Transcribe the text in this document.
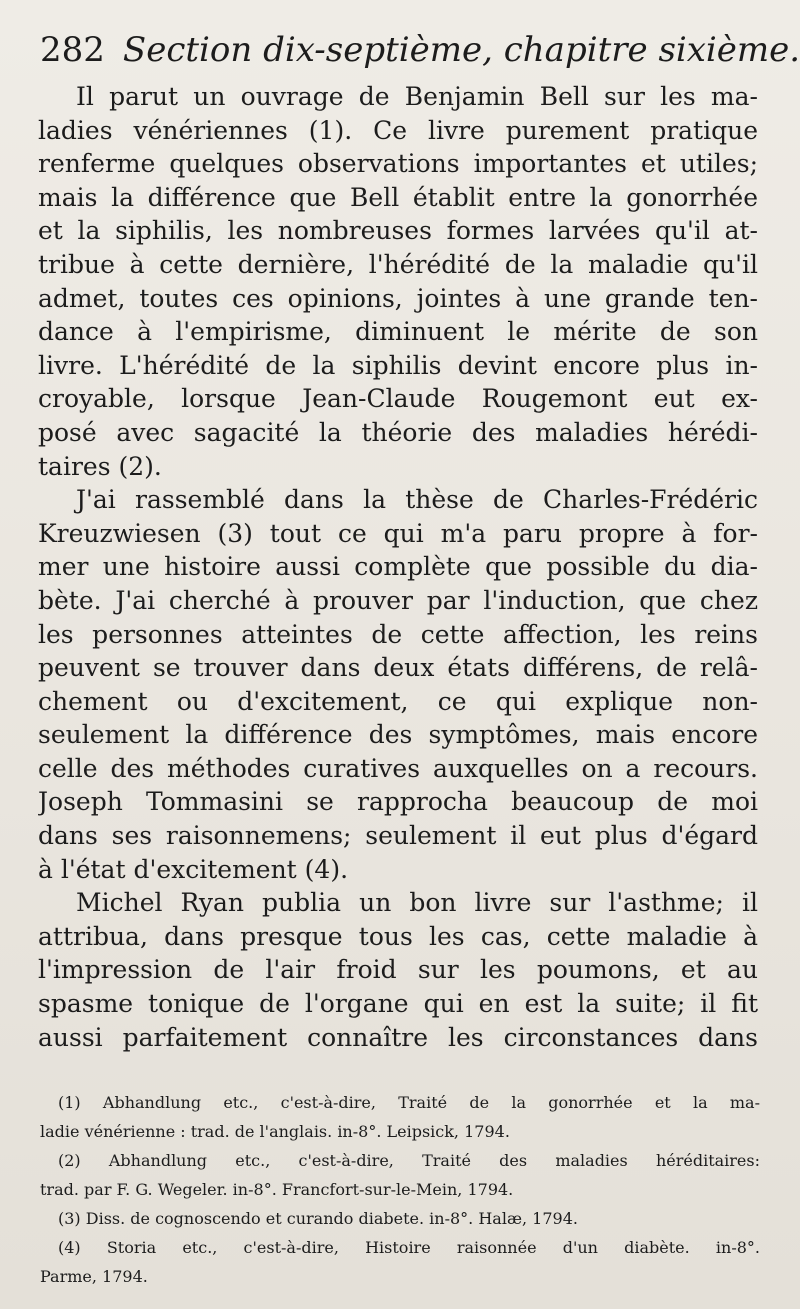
282 Section dix-septième, chapitre sixième.
Il parut un ouvrage de Benjamin Bell sur les ma-
ladies vénériennes (1). Ce livre purement pratique
renferme quelques observations importantes et utiles;
mais la différence que Bell établit entre la gonorrhée
et la siphilis, les nombreuses formes larvées qu'il at-
tribue à cette dernière, l'hérédité de la maladie qu'il
admet, toutes ces opinions, jointes à une grande ten-
dance à l'empirisme, diminuent le mérite de son
livre. L'hérédité de la siphilis devint encore plus in-
croyable, lorsque Jean-Claude Rougemont eut ex-
posé avec sagacité la théorie des maladies hérédi-
taires (2).
J'ai rassemblé dans la thèse de Charles-Frédéric
Kreuzwiesen (3) tout ce qui m'a paru propre à for-
mer une histoire aussi complète que possible du dia-
bète. J'ai cherché à prouver par l'induction, que chez
les personnes atteintes de cette affection, les reins
peuvent se trouver dans deux états différens, de relâ-
chement ou d'excitement, ce qui explique non-
seulement la différence des symptômes, mais encore
celle des méthodes curatives auxquelles on a recours.
Joseph Tommasini se rapprocha beaucoup de moi
dans ses raisonnemens; seulement il eut plus d'égard
à l'état d'excitement (4).
Michel Ryan publia un bon livre sur l'asthme; il
attribua, dans presque tous les cas, cette maladie à
l'impression de l'air froid sur les poumons, et au
spasme tonique de l'organe qui en est la suite; il fit
aussi parfaitement connaître les circonstances dans
(1) Abhandlung etc., c'est-à-dire, Traité de la gonorrhée et la ma-
ladie vénérienne : trad. de l'anglais. in-8°. Leipsick, 1794.
(2) Abhandlung etc., c'est-à-dire, Traité des maladies héréditaires:
trad. par F. G. Wegeler. in-8°. Francfort-sur-le-Mein, 1794.
(3) Diss. de cognoscendo et curando diabete. in-8°. Halæ, 1794.
(4) Storia etc., c'est-à-dire, Histoire raisonnée d'un diabète. in-8°.
Parme, 1794.
